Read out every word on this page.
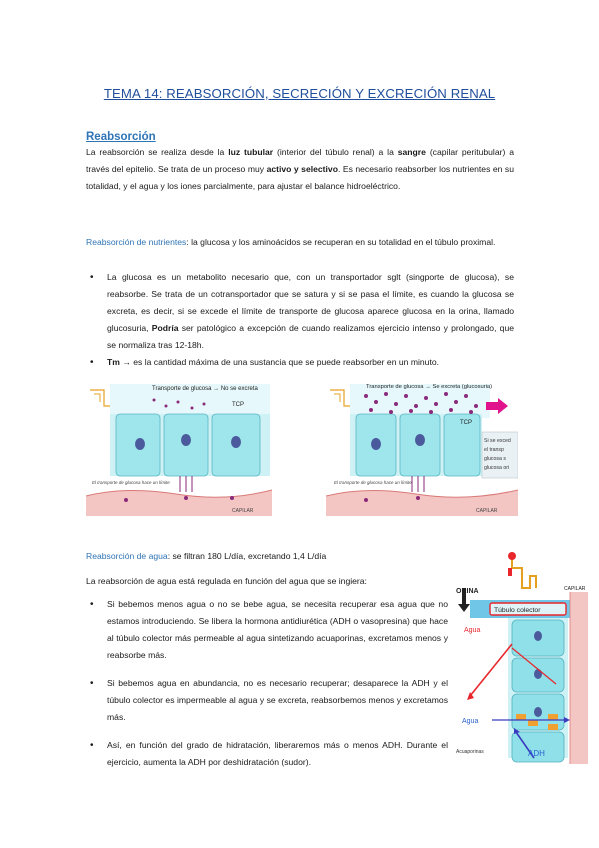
TEMA 14: REABSORCIÓN, SECRECIÓN Y EXCRECIÓN RENAL
Reabsorción

La reabsorción se realiza desde la luz tubular (interior del túbulo renal) a la sangre (capilar peritubular) a través del epitelio. Se trata de un proceso muy activo y selectivo. Es necesario reabsorber los nutrientes en su totalidad, y el agua y los iones parcialmente, para ajustar el balance hidroeléctrico.

Reabsorción de nutrientes: la glucosa y los aminoácidos se recuperan en su totalidad en el túbulo proximal.

• La glucosa es un metabolito necesario que, con un transportador sglt (singporte de glucosa), se reabsorbe. Se trata de un cotransportador que se satura y si se pasa el límite, es cuando la glucosa se excreta, es decir, si se excede el límite de transporte de glucosa aparece glucosa en la orina, llamado glucosuria, Podría ser patológico a excepción de cuando realizamos ejercicio intenso y prolongado, que se normaliza tras 12-18h.
• Tm → es la cantidad máxima de una sustancia que se puede reabsorber en un minuto.
Transporte de glucosa → No se excreta
TCP
El transporte de glucosa hace un límite
CAPILAR
Transporte de glucosa → Se excreta (glucosuria)
TCP
Si se exced
el transp
glucosa s
glucosa ori
El transporte de glucosa hace un límite
CAPILAR

Reabsorción de agua: se filtran 180 L/día, excretando 1,4 L/día

La reabsorción de agua está regulada en función del agua que se ingiera:

• Si bebemos menos agua o no se bebe agua, se necesita recuperar esa agua que no estamos introduciendo. Se libera la hormona antidiurética (ADH o vasopresina) que hace al túbulo colector más permeable al agua sintetizando acuaporinas, excretamos menos y reabsorbe más.
• Si bebemos agua en abundancia, no es necesario recuperar; desaparece la ADH y el túbulo colector es impermeable al agua y se excreta, reabsorbemos menos y excretamos más.
• Así, en función del grado de hidratación, liberaremos más o menos ADH. Durante el ejercicio, aumenta la ADH por deshidratación (sudor).
ORINA	CAPILAR
Túbulo colector
Agua
Agua
ADH
Acuaporinas
